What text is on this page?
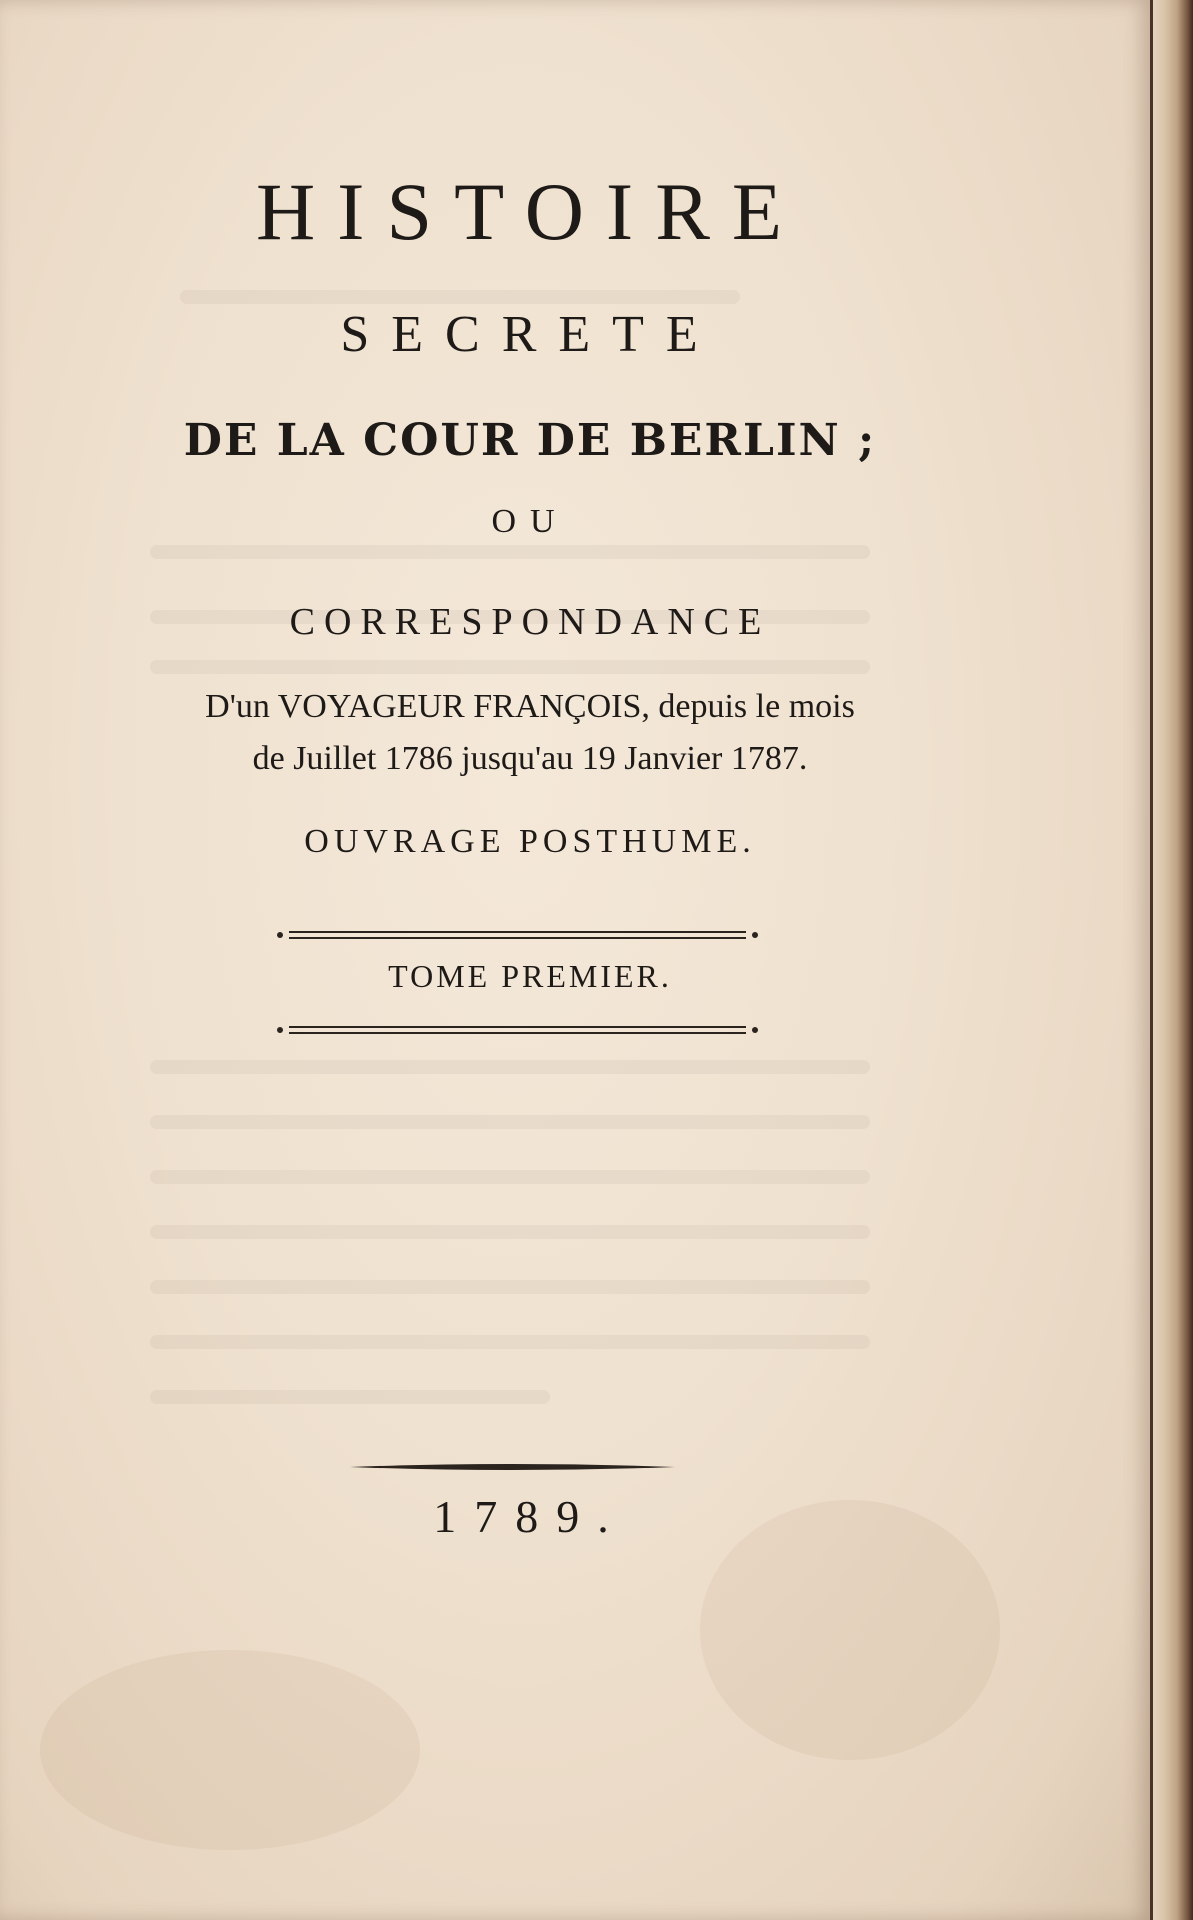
HISTOIRE
SECRETE
DE LA COUR DE BERLIN ;
OU
CORRESPONDANCE
D'un VOYAGEUR FRANÇOIS, depuis le mois
de Juillet 1786 jusqu'au 19 Janvier 1787.
OUVRAGE POSTHUME.
TOME PREMIER.
1789.
